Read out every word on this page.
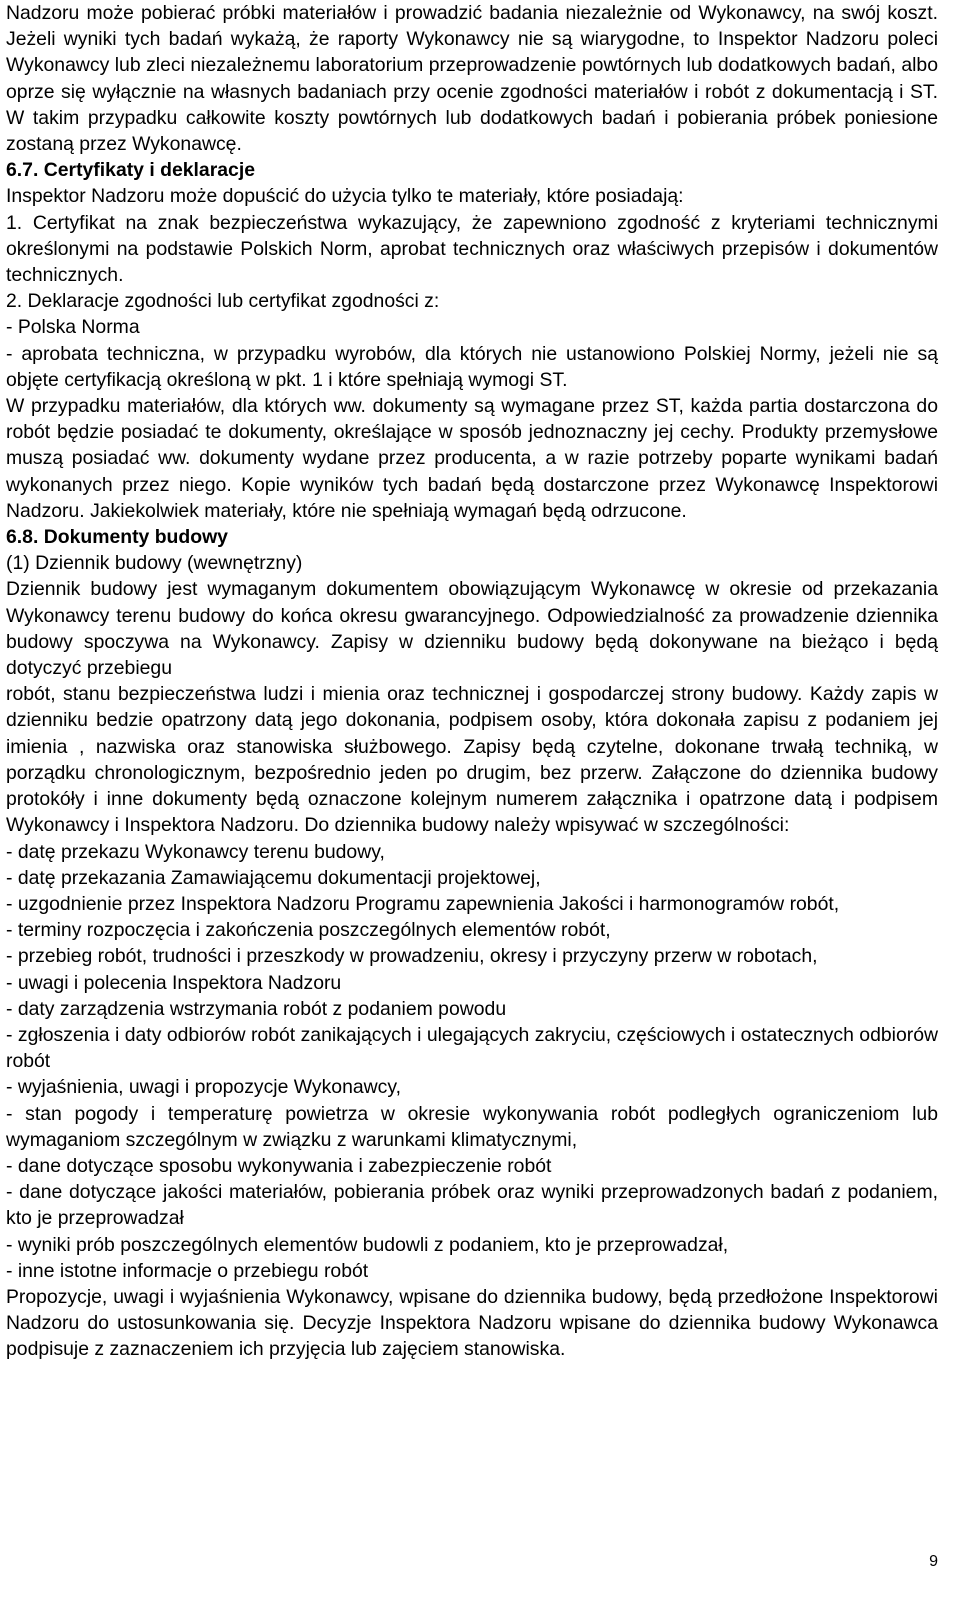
Nadzoru może pobierać próbki materiałów i prowadzić badania niezależnie od Wykonawcy, na swój koszt. Jeżeli wyniki tych badań wykażą, że raporty Wykonawcy nie są wiarygodne, to Inspektor Nadzoru poleci Wykonawcy lub zleci niezależnemu laboratorium przeprowadzenie powtórnych lub dodatkowych badań, albo oprze się wyłącznie na własnych badaniach przy ocenie zgodności materiałów i robót z dokumentacją i ST. W takim przypadku całkowite koszty powtórnych lub dodatkowych badań i pobierania próbek poniesione zostaną przez Wykonawcę.

6.7. Certyfikaty i deklaracje

Inspektor Nadzoru może dopuścić do użycia tylko te materiały, które posiadają:

1. Certyfikat na znak bezpieczeństwa wykazujący, że zapewniono zgodność z kryteriami technicznymi określonymi na podstawie Polskich Norm, aprobat technicznych oraz właściwych przepisów i dokumentów technicznych.

2. Deklaracje zgodności lub certyfikat zgodności z:

- Polska Norma

- aprobata techniczna, w przypadku wyrobów, dla których nie ustanowiono Polskiej Normy, jeżeli nie są objęte certyfikacją określoną w pkt. 1 i które spełniają wymogi ST.

W przypadku materiałów, dla których ww. dokumenty są wymagane przez ST, każda partia dostarczona do robót będzie posiadać te dokumenty, określające w sposób jednoznaczny jej cechy. Produkty przemysłowe muszą posiadać ww. dokumenty wydane przez producenta, a w razie potrzeby poparte wynikami badań wykonanych przez niego. Kopie wyników tych badań będą dostarczone przez Wykonawcę Inspektorowi Nadzoru. Jakiekolwiek materiały, które nie spełniają wymagań będą odrzucone.

6.8. Dokumenty budowy

(1) Dziennik budowy (wewnętrzny)

Dziennik budowy jest wymaganym dokumentem obowiązującym Wykonawcę w okresie od przekazania Wykonawcy terenu budowy do końca okresu gwarancyjnego. Odpowiedzialność za prowadzenie dziennika budowy spoczywa na Wykonawcy. Zapisy w dzienniku budowy będą dokonywane na bieżąco i będą dotyczyć przebiegu

robót, stanu bezpieczeństwa ludzi i mienia oraz technicznej i gospodarczej strony budowy. Każdy zapis w dzienniku bedzie opatrzony datą jego dokonania, podpisem osoby, która dokonała zapisu z podaniem jej imienia , nazwiska oraz stanowiska służbowego. Zapisy będą czytelne, dokonane trwałą techniką, w porządku chronologicznym, bezpośrednio jeden po drugim, bez przerw. Załączone do dziennika budowy protokóły i inne dokumenty będą oznaczone kolejnym numerem załącznika i opatrzone datą i podpisem Wykonawcy i Inspektora Nadzoru. Do dziennika budowy należy wpisywać w szczególności:

- datę przekazu Wykonawcy terenu budowy,

- datę przekazania Zamawiającemu dokumentacji projektowej,

- uzgodnienie przez Inspektora Nadzoru Programu zapewnienia Jakości i harmonogramów robót,

- terminy rozpoczęcia i zakończenia poszczególnych elementów robót,

- przebieg robót, trudności i przeszkody w prowadzeniu, okresy i przyczyny przerw w robotach,

- uwagi i polecenia Inspektora Nadzoru

- daty zarządzenia wstrzymania robót z podaniem powodu

- zgłoszenia i daty odbiorów robót zanikających i ulegających zakryciu, częściowych i ostatecznych odbiorów robót

- wyjaśnienia, uwagi i propozycje Wykonawcy,

- stan pogody i temperaturę powietrza w okresie wykonywania robót podległych ograniczeniom lub wymaganiom szczególnym w związku z warunkami klimatycznymi,

- dane dotyczące sposobu wykonywania i zabezpieczenie robót

- dane dotyczące jakości materiałów, pobierania próbek oraz wyniki przeprowadzonych badań z podaniem, kto je przeprowadzał

- wyniki prób poszczególnych elementów budowli z podaniem, kto je przeprowadzał,

- inne istotne informacje o przebiegu robót

Propozycje, uwagi i wyjaśnienia Wykonawcy, wpisane do dziennika budowy, będą przedłożone Inspektorowi Nadzoru do ustosunkowania się. Decyzje Inspektora Nadzoru wpisane do dziennika budowy Wykonawca podpisuje z zaznaczeniem ich przyjęcia lub zajęciem stanowiska.

9
